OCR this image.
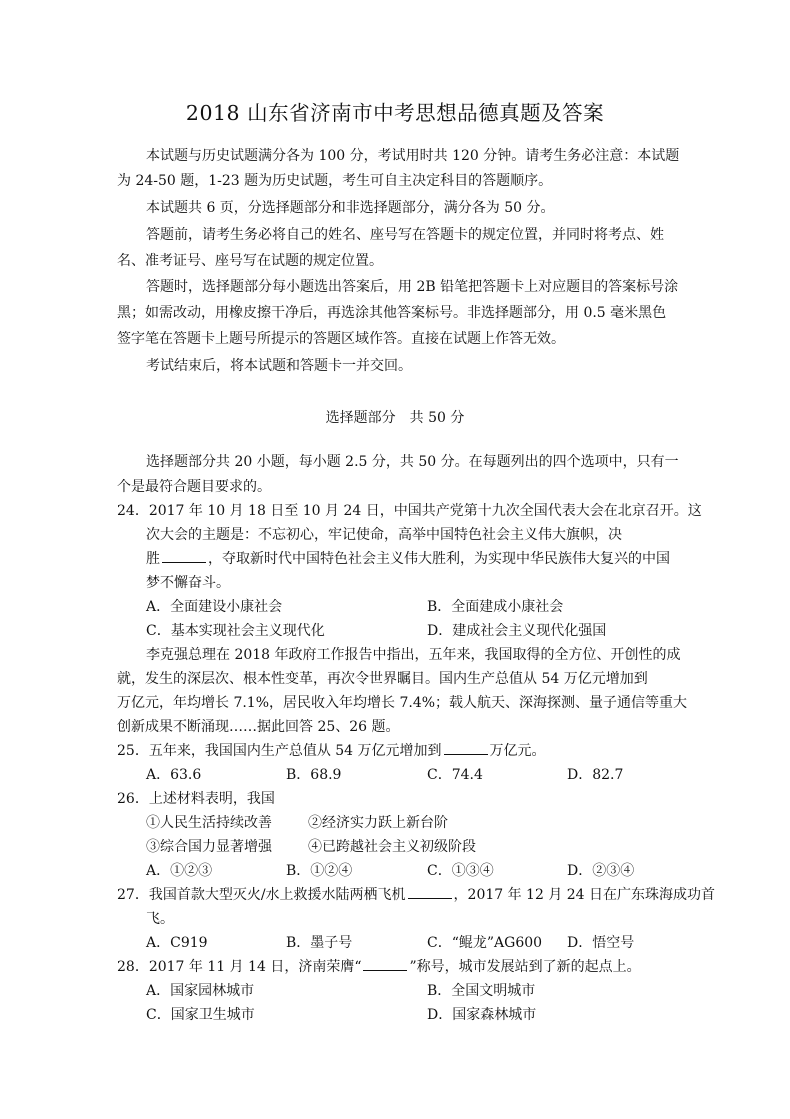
2018 山东省济南市中考思想品德真题及答案
本试题与历史试题满分各为 100 分，考试用时共 120 分钟。请考生务必注意：本试题
为 24-50 题，1-23 题为历史试题，考生可自主决定科目的答题顺序。
本试题共 6 页，分选择题部分和非选择题部分，满分各为 50 分。
答题前，请考生务必将自己的姓名、座号写在答题卡的规定位置，并同时将考点、姓
名、准考证号、座号写在试题的规定位置。
答题时，选择题部分每小题选出答案后，用 2B 铅笔把答题卡上对应题目的答案标号涂
黑；如需改动，用橡皮擦干净后，再选涂其他答案标号。非选择题部分，用 0.5 毫米黑色
签字笔在答题卡上题号所提示的答题区域作答。直接在试题上作答无效。
考试结束后，将本试题和答题卡一并交回。
选择题部分　共 50 分
选择题部分共 20 小题，每小题 2.5 分，共 50 分。在每题列出的四个选项中，只有一
个是最符合题目要求的。
24．2017 年 10 月 18 日至 10 月 24 日，中国共产党第十九次全国代表大会在北京召开。这
次大会的主题是：不忘初心，牢记使命，高举中国特色社会主义伟大旗帜，决
胜	，夺取新时代中国特色社会主义伟大胜利，为实现中华民族伟大复兴的中国
梦不懈奋斗。
A．全面建设小康社会	B．全面建成小康社会
C．基本实现社会主义现代化	D．建成社会主义现代化强国
李克强总理在 2018 年政府工作报告中指出，五年来，我国取得的全方位、开创性的成
就，发生的深层次、根本性变革，再次令世界瞩目。国内生产总值从 54 万亿元增加到
万亿元，年均增长 7.1%，居民收入年均增长 7.4%；载人航天、深海探测、量子通信等重大
创新成果不断涌现……据此回答 25、26 题。
25．五年来，我国国内生产总值从 54 万亿元增加到	万亿元。
A．63.6	B．68.9	C．74.4	D．82.7
26．上述材料表明，我国
①人民生活持续改善	②经济实力跃上新台阶
③综合国力显著增强	④已跨越社会主义初级阶段
A．①②③	B．①②④	C．①③④	D．②③④
27．我国首款大型灭火/水上救援水陆两栖飞机	，2017 年 12 月 24 日在广东珠海成功首
飞。
A．C919	B．墨子号	C．“鲲龙”AG600 D．悟空号
28．2017 年 11 月 14 日，济南荣膺“	”称号，城市发展站到了新的起点上。
A．国家园林城市	B．全国文明城市
C．国家卫生城市	D．国家森林城市
